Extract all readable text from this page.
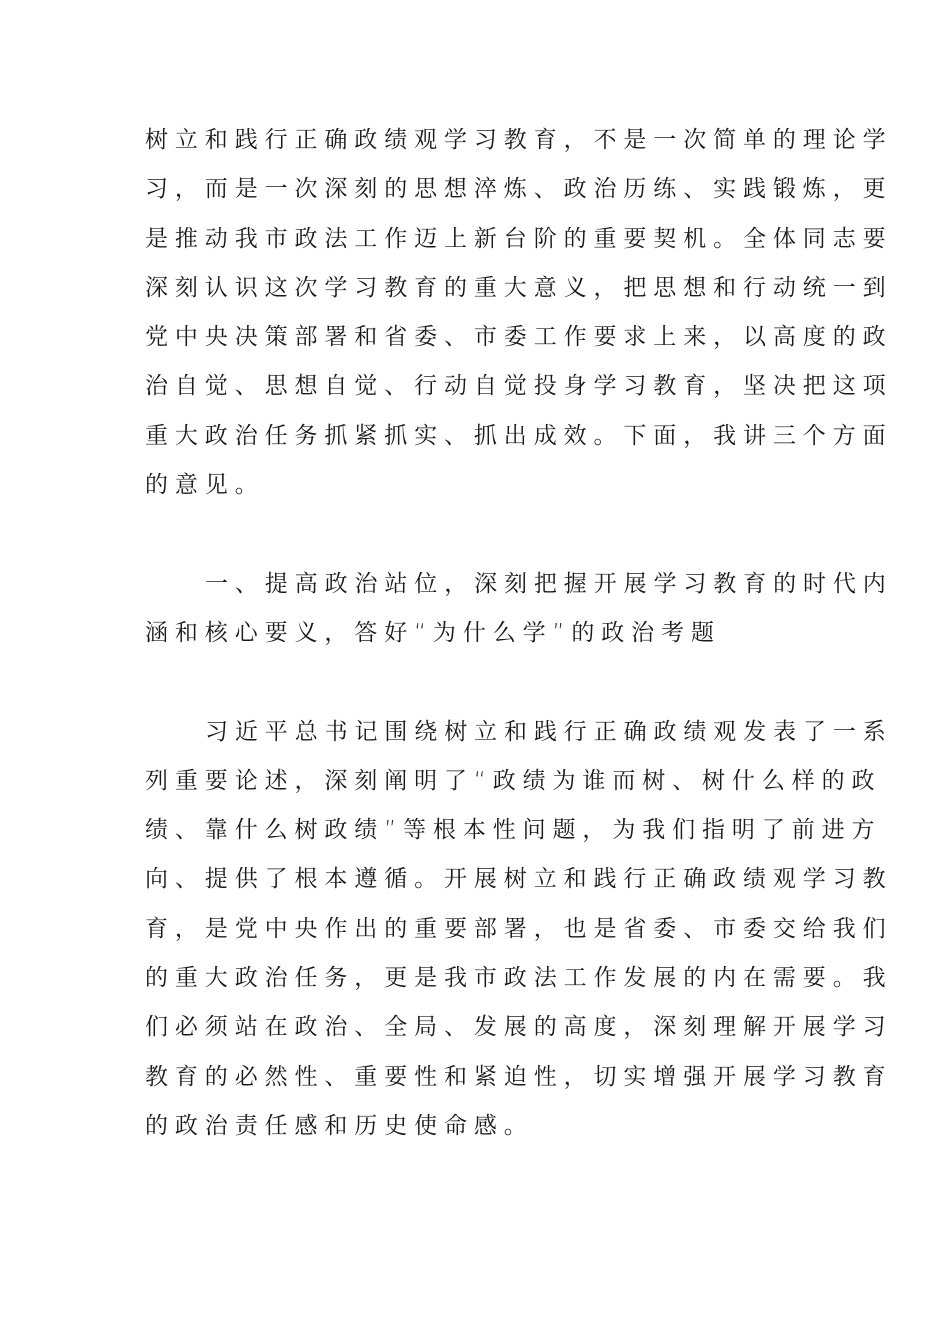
树立和践行正确政绩观学习教育，不是一次简单的理论学
习，而是一次深刻的思想淬炼、政治历练、实践锻炼，更
是推动我市政法工作迈上新台阶的重要契机。全体同志要
深刻认识这次学习教育的重大意义，把思想和行动统一到
党中央决策部署和省委、市委工作要求上来，以高度的政
治自觉、思想自觉、行动自觉投身学习教育，坚决把这项
重大政治任务抓紧抓实、抓出成效。下面，我讲三个方面
的意见。
一、提高政治站位，深刻把握开展学习教育的时代内
涵和核心要义，答好“为什么学”的政治考题
习近平总书记围绕树立和践行正确政绩观发表了一系
列重要论述，深刻阐明了“政绩为谁而树、树什么样的政
绩、靠什么树政绩”等根本性问题，为我们指明了前进方
向、提供了根本遵循。开展树立和践行正确政绩观学习教
育，是党中央作出的重要部署，也是省委、市委交给我们
的重大政治任务，更是我市政法工作发展的内在需要。我
们必须站在政治、全局、发展的高度，深刻理解开展学习
教育的必然性、重要性和紧迫性，切实增强开展学习教育
的政治责任感和历史使命感。
